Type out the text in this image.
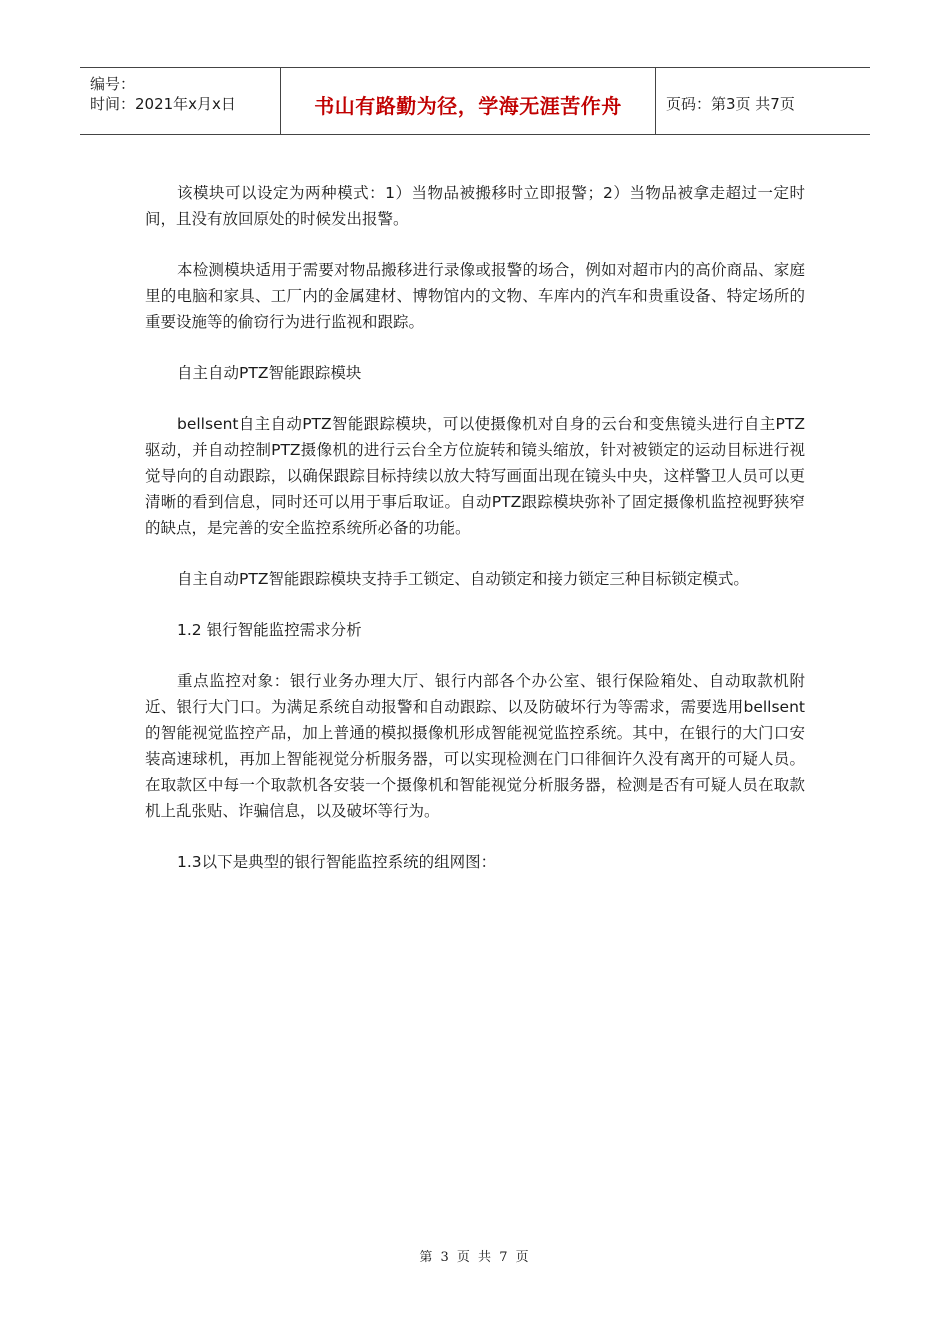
编号：
时间：2021年x月x日	书山有路勤为径，学海无涯苦作舟	页码：第3页 共7页

该模块可以设定为两种模式：1）当物品被搬移时立即报警；2）当物品被拿走超过一定时间，且没有放回原处的时候发出报警。

本检测模块适用于需要对物品搬移进行录像或报警的场合，例如对超市内的高价商品、家庭里的电脑和家具、工厂内的金属建材、博物馆内的文物、车库内的汽车和贵重设备、特定场所的重要设施等的偷窃行为进行监视和跟踪。

自主自动PTZ智能跟踪模块

bellsent自主自动PTZ智能跟踪模块，可以使摄像机对自身的云台和变焦镜头进行自主PTZ驱动，并自动控制PTZ摄像机的进行云台全方位旋转和镜头缩放，针对被锁定的运动目标进行视觉导向的自动跟踪，以确保跟踪目标持续以放大特写画面出现在镜头中央，这样警卫人员可以更清晰的看到信息，同时还可以用于事后取证。自动PTZ跟踪模块弥补了固定摄像机监控视野狭窄的缺点，是完善的安全监控系统所必备的功能。

自主自动PTZ智能跟踪模块支持手工锁定、自动锁定和接力锁定三种目标锁定模式。

1.2 银行智能监控需求分析

重点监控对象：银行业务办理大厅、银行内部各个办公室、银行保险箱处、自动取款机附近、银行大门口。为满足系统自动报警和自动跟踪、以及防破坏行为等需求，需要选用bellsent的智能视觉监控产品，加上普通的模拟摄像机形成智能视觉监控系统。其中，在银行的大门口安装高速球机，再加上智能视觉分析服务器，可以实现检测在门口徘徊许久没有离开的可疑人员。在取款区中每一个取款机各安装一个摄像机和智能视觉分析服务器，检测是否有可疑人员在取款机上乱张贴、诈骗信息，以及破坏等行为。

1.3以下是典型的银行智能监控系统的组网图：

第 3 页 共 7 页
